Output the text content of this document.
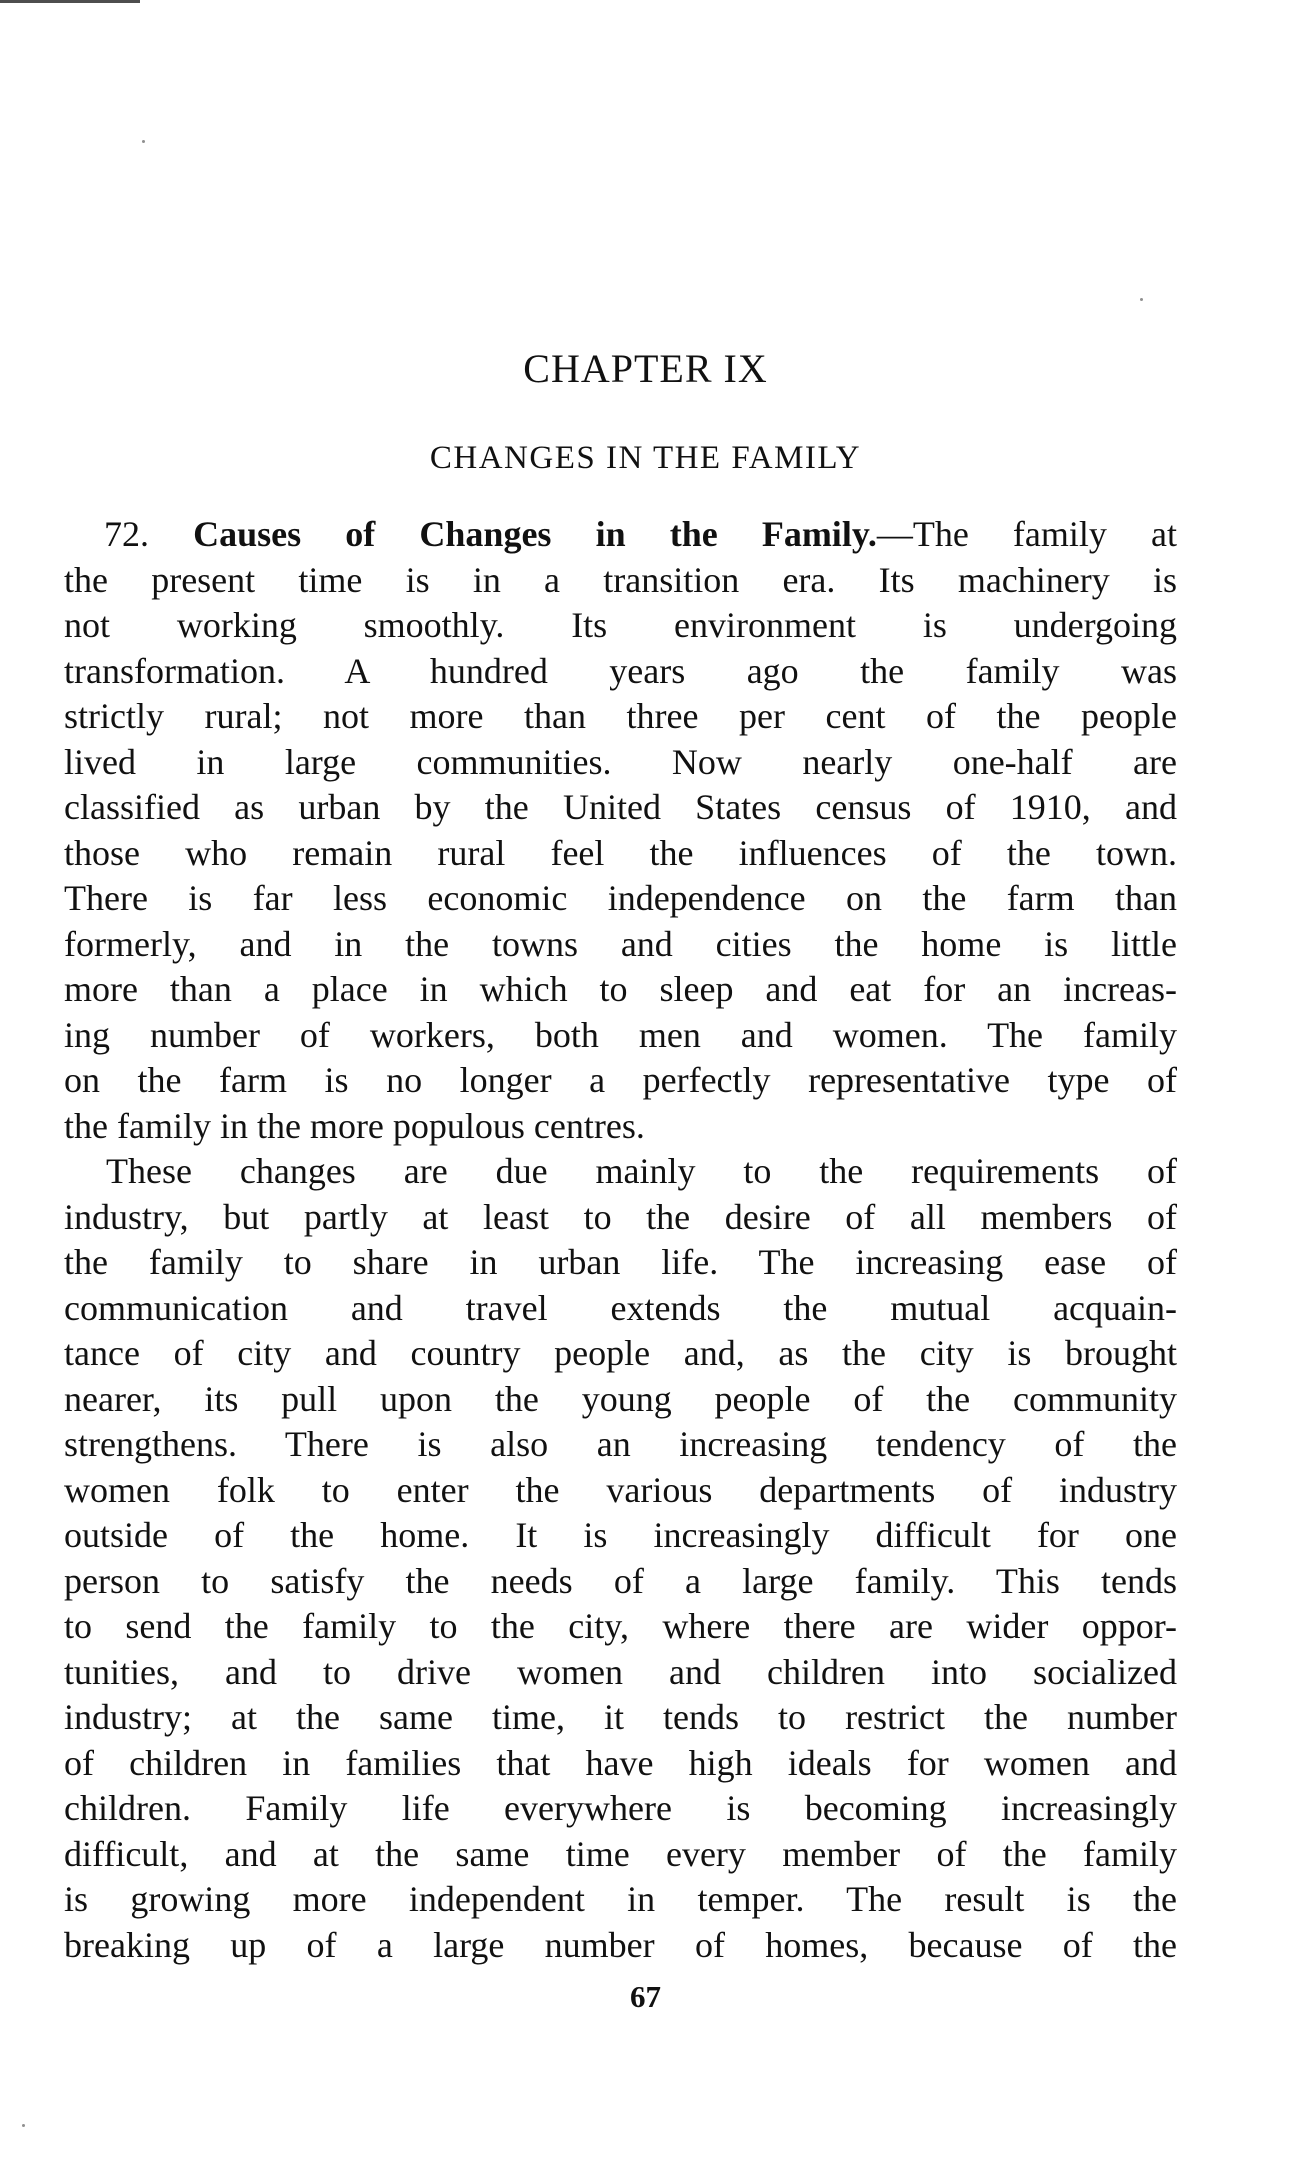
CHAPTER IX
CHANGES IN THE FAMILY
72. Causes of Changes in the Family.—The family at
the present time is in a transition era. Its machinery is
not working smoothly. Its environment is undergoing
transformation. A hundred years ago the family was
strictly rural; not more than three per cent of the people
lived in large communities. Now nearly one-half are
classified as urban by the United States census of 1910, and
those who remain rural feel the influences of the town.
There is far less economic independence on the farm than
formerly, and in the towns and cities the home is little
more than a place in which to sleep and eat for an increas-
ing number of workers, both men and women. The family
on the farm is no longer a perfectly representative type of
the family in the more populous centres.
These changes are due mainly to the requirements of
industry, but partly at least to the desire of all members of
the family to share in urban life. The increasing ease of
communication and travel extends the mutual acquain-
tance of city and country people and, as the city is brought
nearer, its pull upon the young people of the community
strengthens. There is also an increasing tendency of the
women folk to enter the various departments of industry
outside of the home. It is increasingly difficult for one
person to satisfy the needs of a large family. This tends
to send the family to the city, where there are wider oppor-
tunities, and to drive women and children into socialized
industry; at the same time, it tends to restrict the number
of children in families that have high ideals for women and
children. Family life everywhere is becoming increasingly
difficult, and at the same time every member of the family
is growing more independent in temper. The result is the
breaking up of a large number of homes, because of the
67
